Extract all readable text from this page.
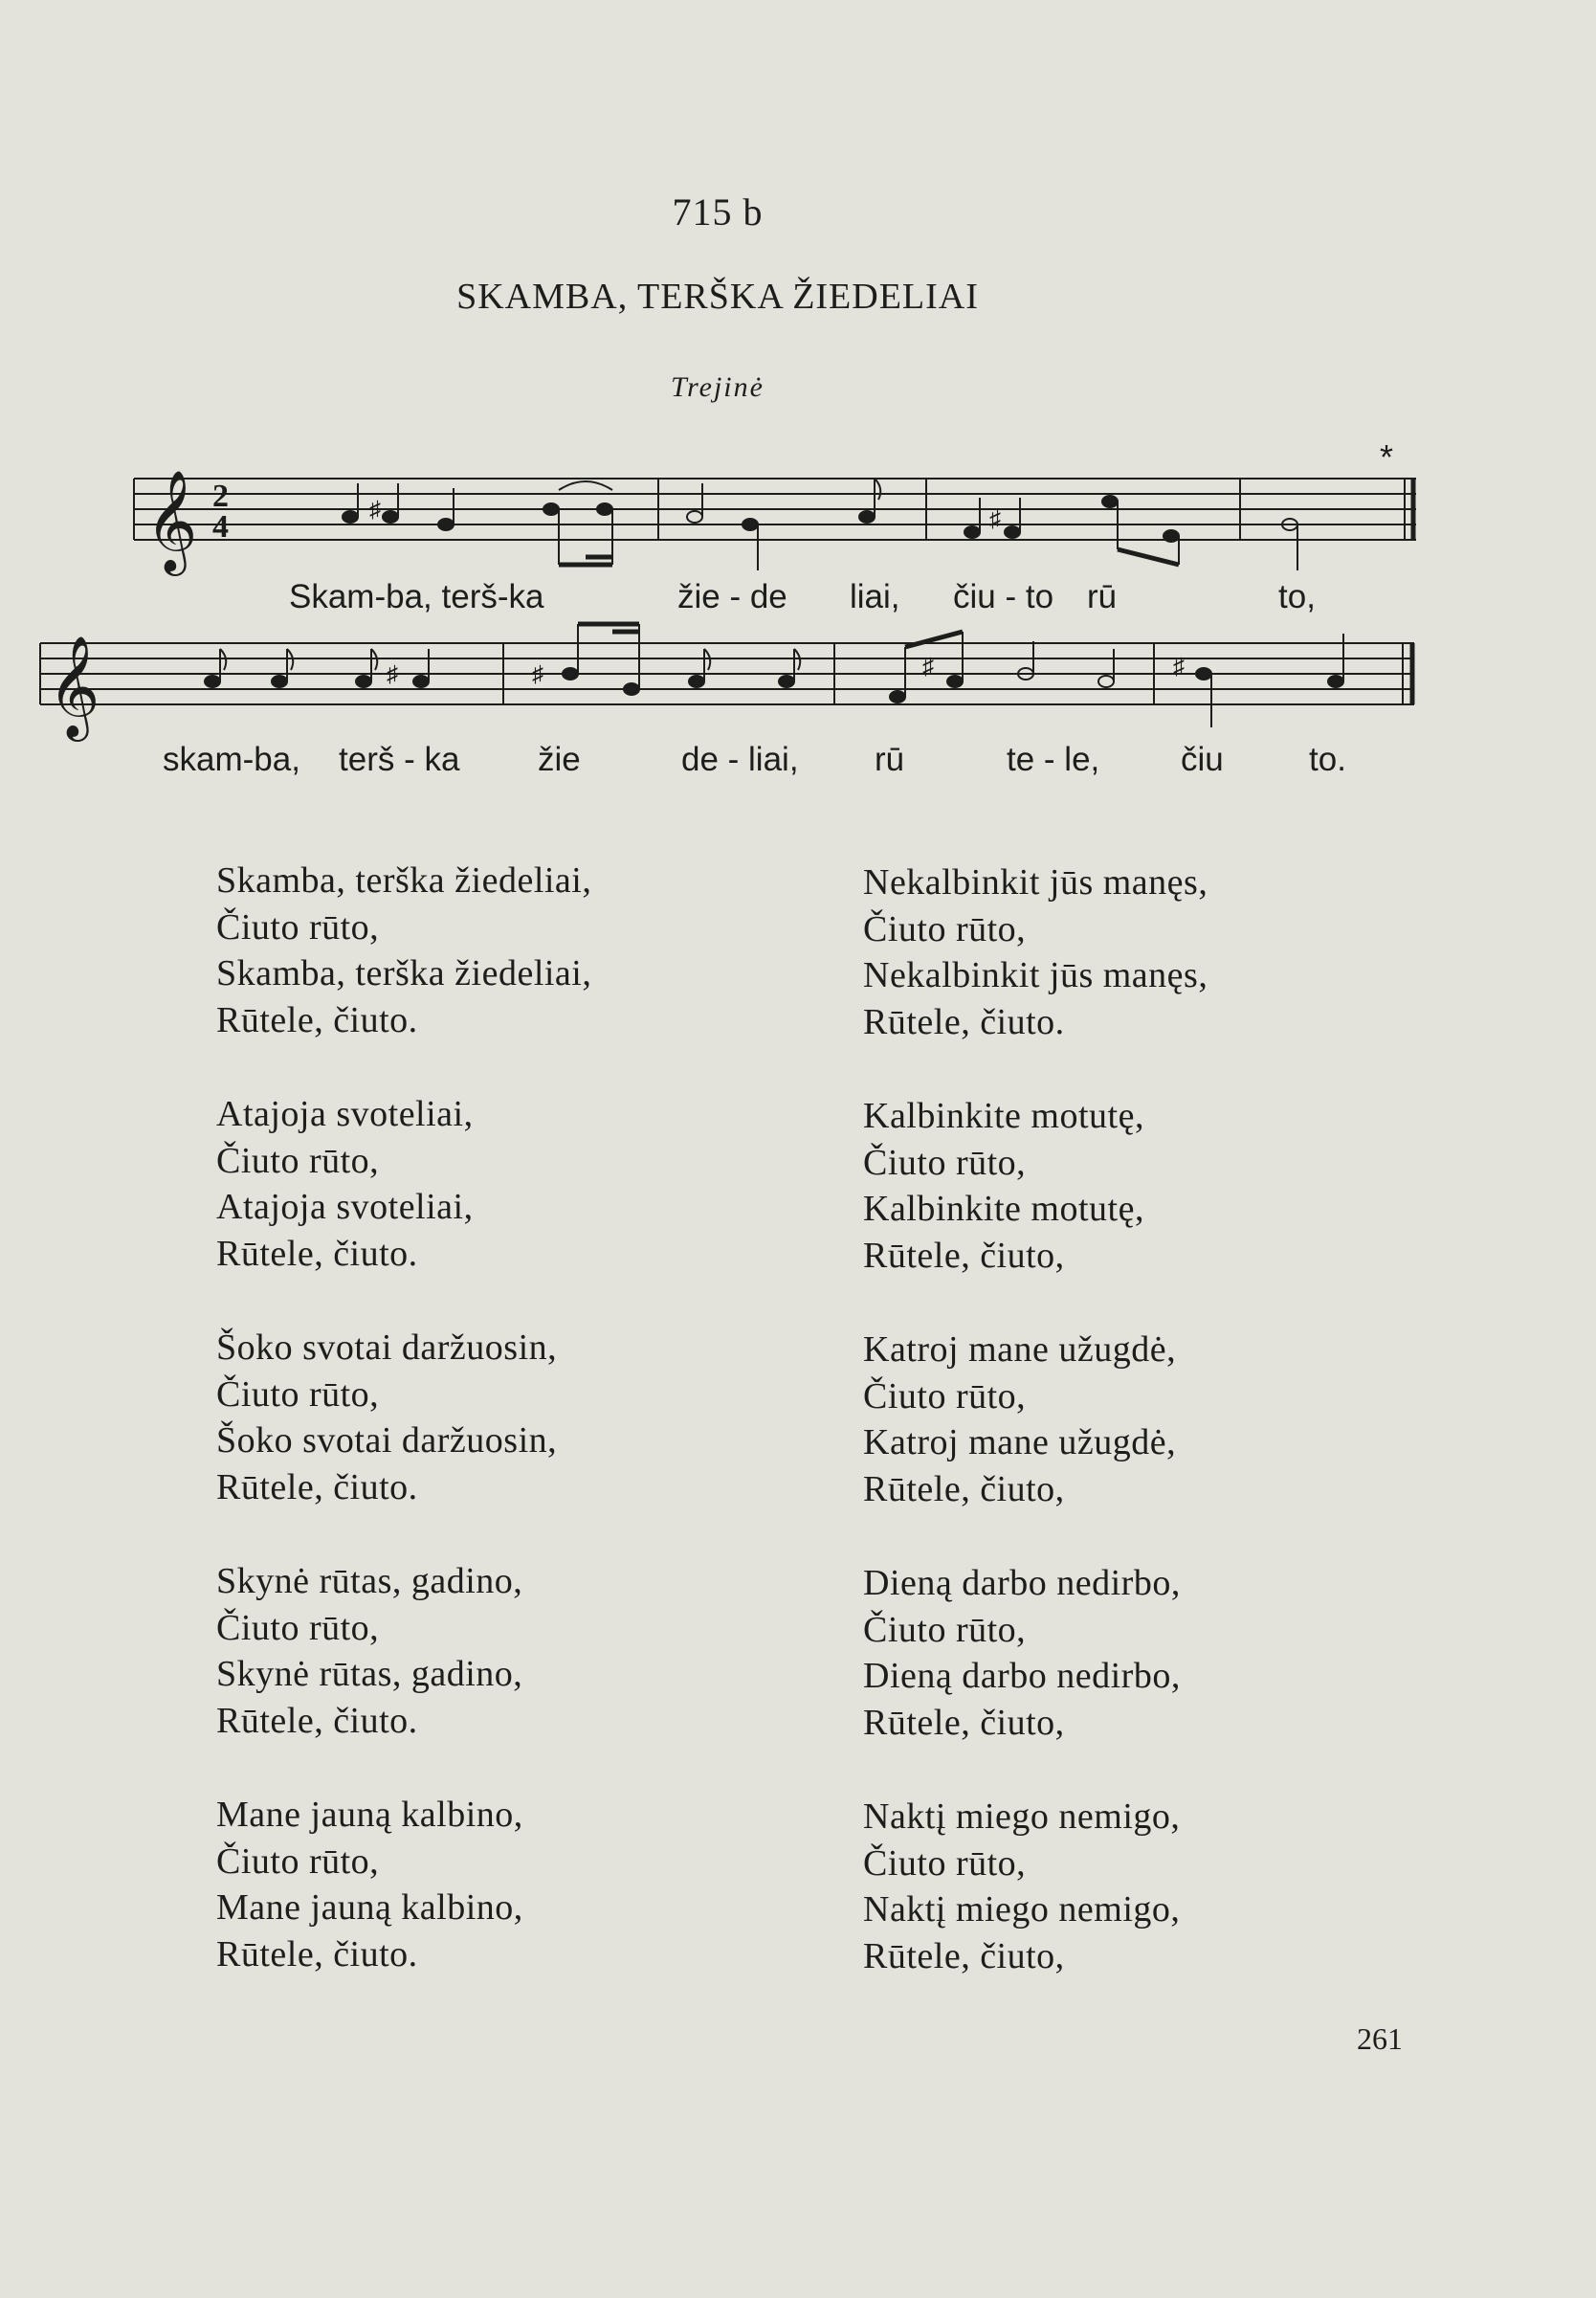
715 b
SKAMBA, TERŠKA ŽIEDELIAI
Trejinė
𝄞 2
4
*
♯	♯
𝄞	♯	♯	♯	♯
Skam-ba, terš-ka	žie - de liai, čiu - to rū	to,
skam-ba, terš - ka žie	de - liai, rū	te - le, čiu	to.
Skamba, terška žiedeliai,
Čiuto rūto,
Skamba, terška žiedeliai,
Rūtele, čiuto.
Atajoja svoteliai,
Čiuto rūto,
Atajoja svoteliai,
Rūtele, čiuto.
Šoko svotai daržuosin,
Čiuto rūto,
Šoko svotai daržuosin,
Rūtele, čiuto.
Skynė rūtas, gadino,
Čiuto rūto,
Skynė rūtas, gadino,
Rūtele, čiuto.
Mane jauną kalbino,
Čiuto rūto,
Mane jauną kalbino,
Rūtele, čiuto.
Nekalbinkit jūs manęs,
Čiuto rūto,
Nekalbinkit jūs manęs,
Rūtele, čiuto.
Kalbinkite motutę,
Čiuto rūto,
Kalbinkite motutę,
Rūtele, čiuto,
Katroj mane užugdė,
Čiuto rūto,
Katroj mane užugdė,
Rūtele, čiuto,
Dieną darbo nedirbo,
Čiuto rūto,
Dieną darbo nedirbo,
Rūtele, čiuto,
Naktį miego nemigo,
Čiuto rūto,
Naktį miego nemigo,
Rūtele, čiuto,
261
